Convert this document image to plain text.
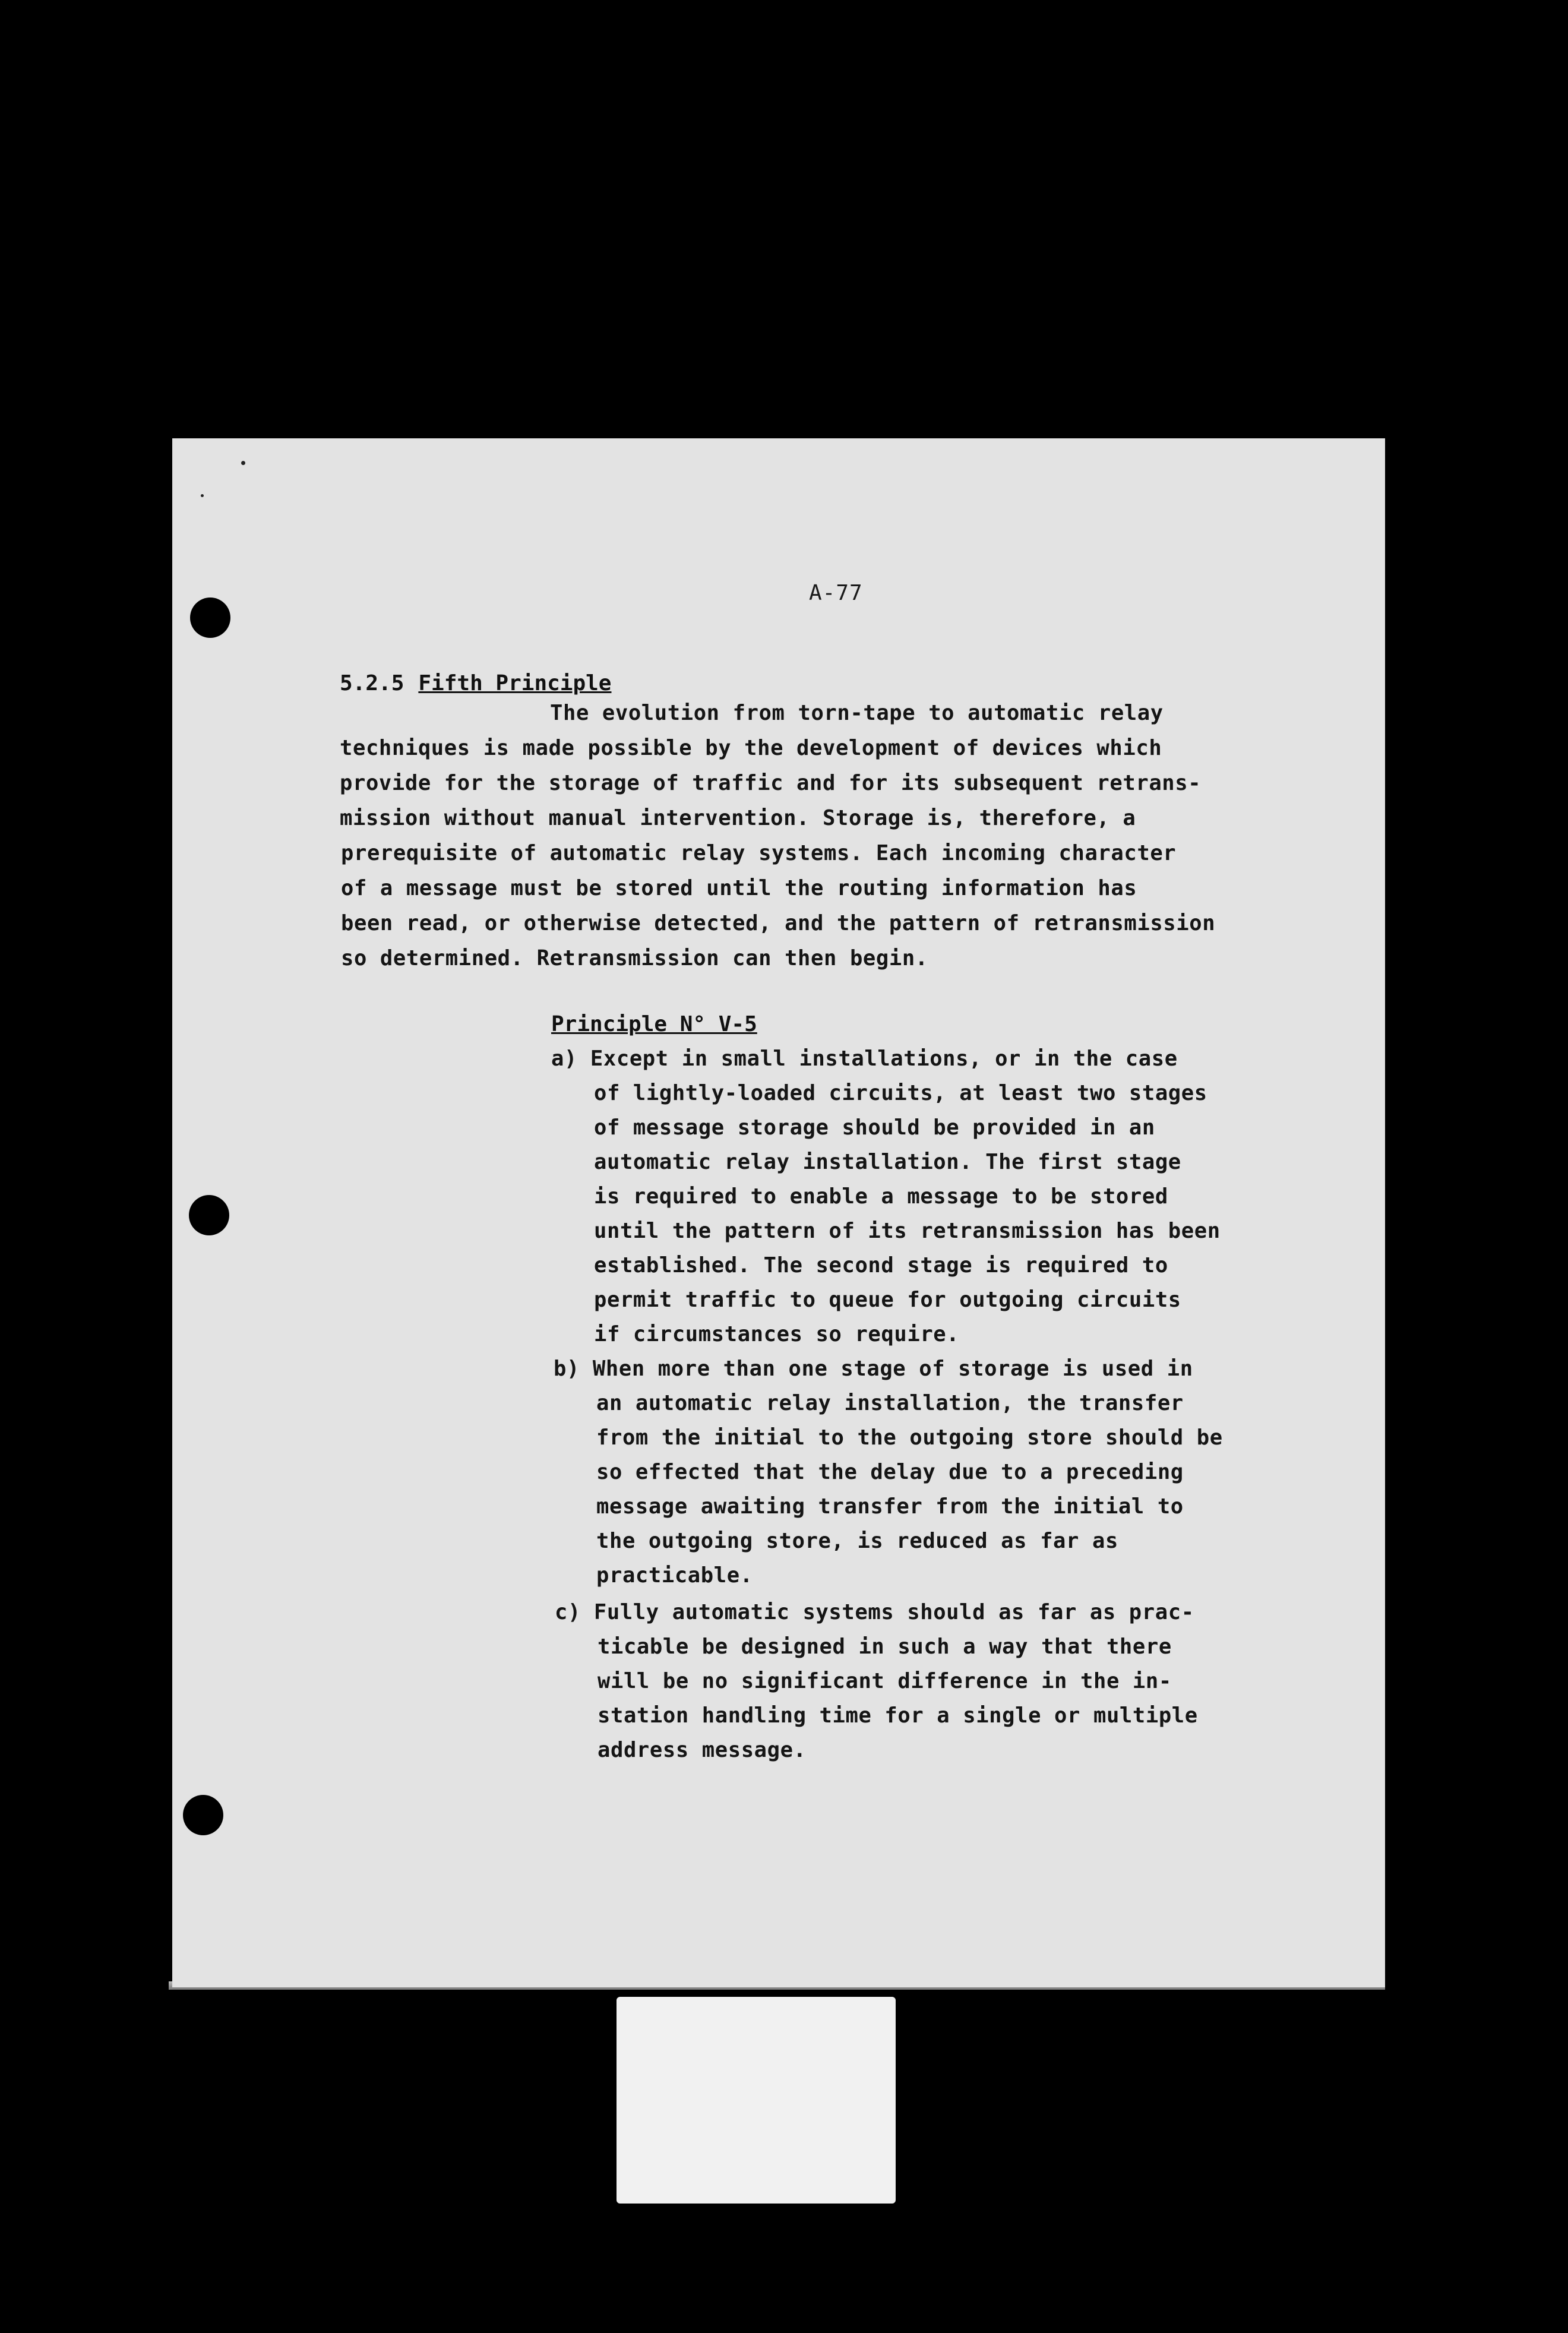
A-77
5.2.5 Fifth Principle
The evolution from torn-tape to automatic relay
techniques is made possible by the development of devices which
provide for the storage of traffic and for its subsequent retrans-
mission without manual intervention. Storage is, therefore, a
prerequisite of automatic relay systems. Each incoming character
of a message must be stored until the routing information has
been read, or otherwise detected, and the pattern of retransmission
so determined. Retransmission can then begin.
Principle N° V-5
a) Except in small installations, or in the case
of lightly-loaded circuits, at least two stages
of message storage should be provided in an
automatic relay installation. The first stage
is required to enable a message to be stored
until the pattern of its retransmission has been
established. The second stage is required to
permit traffic to queue for outgoing circuits
if circumstances so require.
b) When more than one stage of storage is used in
an automatic relay installation, the transfer
from the initial to the outgoing store should be
so effected that the delay due to a preceding
message awaiting transfer from the initial to
the outgoing store, is reduced as far as
practicable.
c) Fully automatic systems should as far as prac-
ticable be designed in such a way that there
will be no significant difference in the in-
station handling time for a single or multiple
address message.
